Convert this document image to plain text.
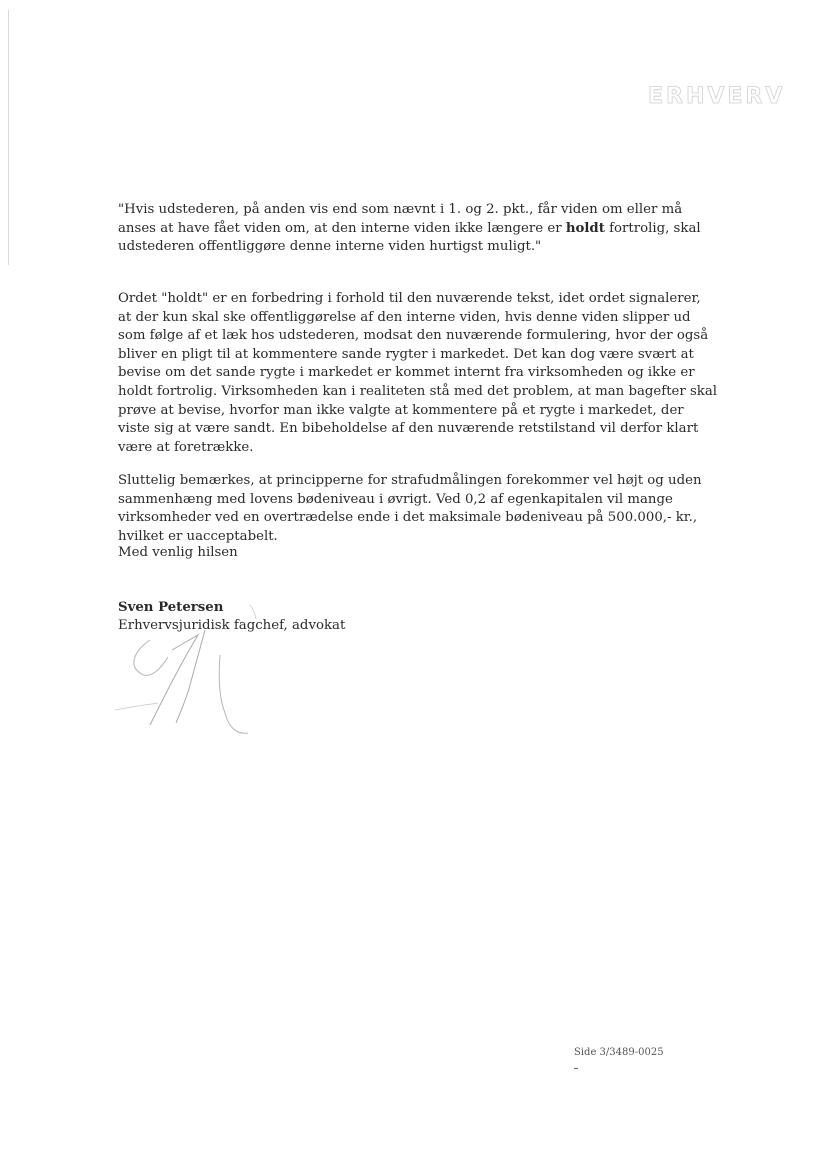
ERHVERV
"Hvis udstederen, på anden vis end som nævnt i 1. og 2. pkt., får viden om eller må anses at have fået viden om, at den interne viden ikke længere er holdt fortrolig, skal udstederen offentliggøre denne interne viden hurtigst muligt."
Ordet "holdt" er en forbedring i forhold til den nuværende tekst, idet ordet signalerer, at der kun skal ske offentliggørelse af den interne viden, hvis denne viden slipper ud som følge af et læk hos udstederen, modsat den nuværende formulering, hvor der også bliver en pligt til at kommentere sande rygter i markedet. Det kan dog være svært at bevise om det sande rygte i markedet er kommet internt fra virksomheden og ikke er holdt fortrolig. Virksomheden kan i realiteten stå med det problem, at man bagefter skal prøve at bevise, hvorfor man ikke valgte at kommentere på et rygte i markedet, der viste sig at være sandt. En bibeholdelse af den nuværende retstilstand vil derfor klart være at foretrække.
Sluttelig bemærkes, at principperne for strafudmålingen forekommer vel højt og uden sammenhæng med lovens bødeniveau i øvrigt. Ved 0,2 af egenkapitalen vil mange virksomheder ved en overtrædelse ende i det maksimale bødeniveau på 500.000,- kr., hvilket er uacceptabelt.
Med venlig hilsen
Sven Petersen
Erhvervsjuridisk fagchef, advokat
Side 3/3489-0025
